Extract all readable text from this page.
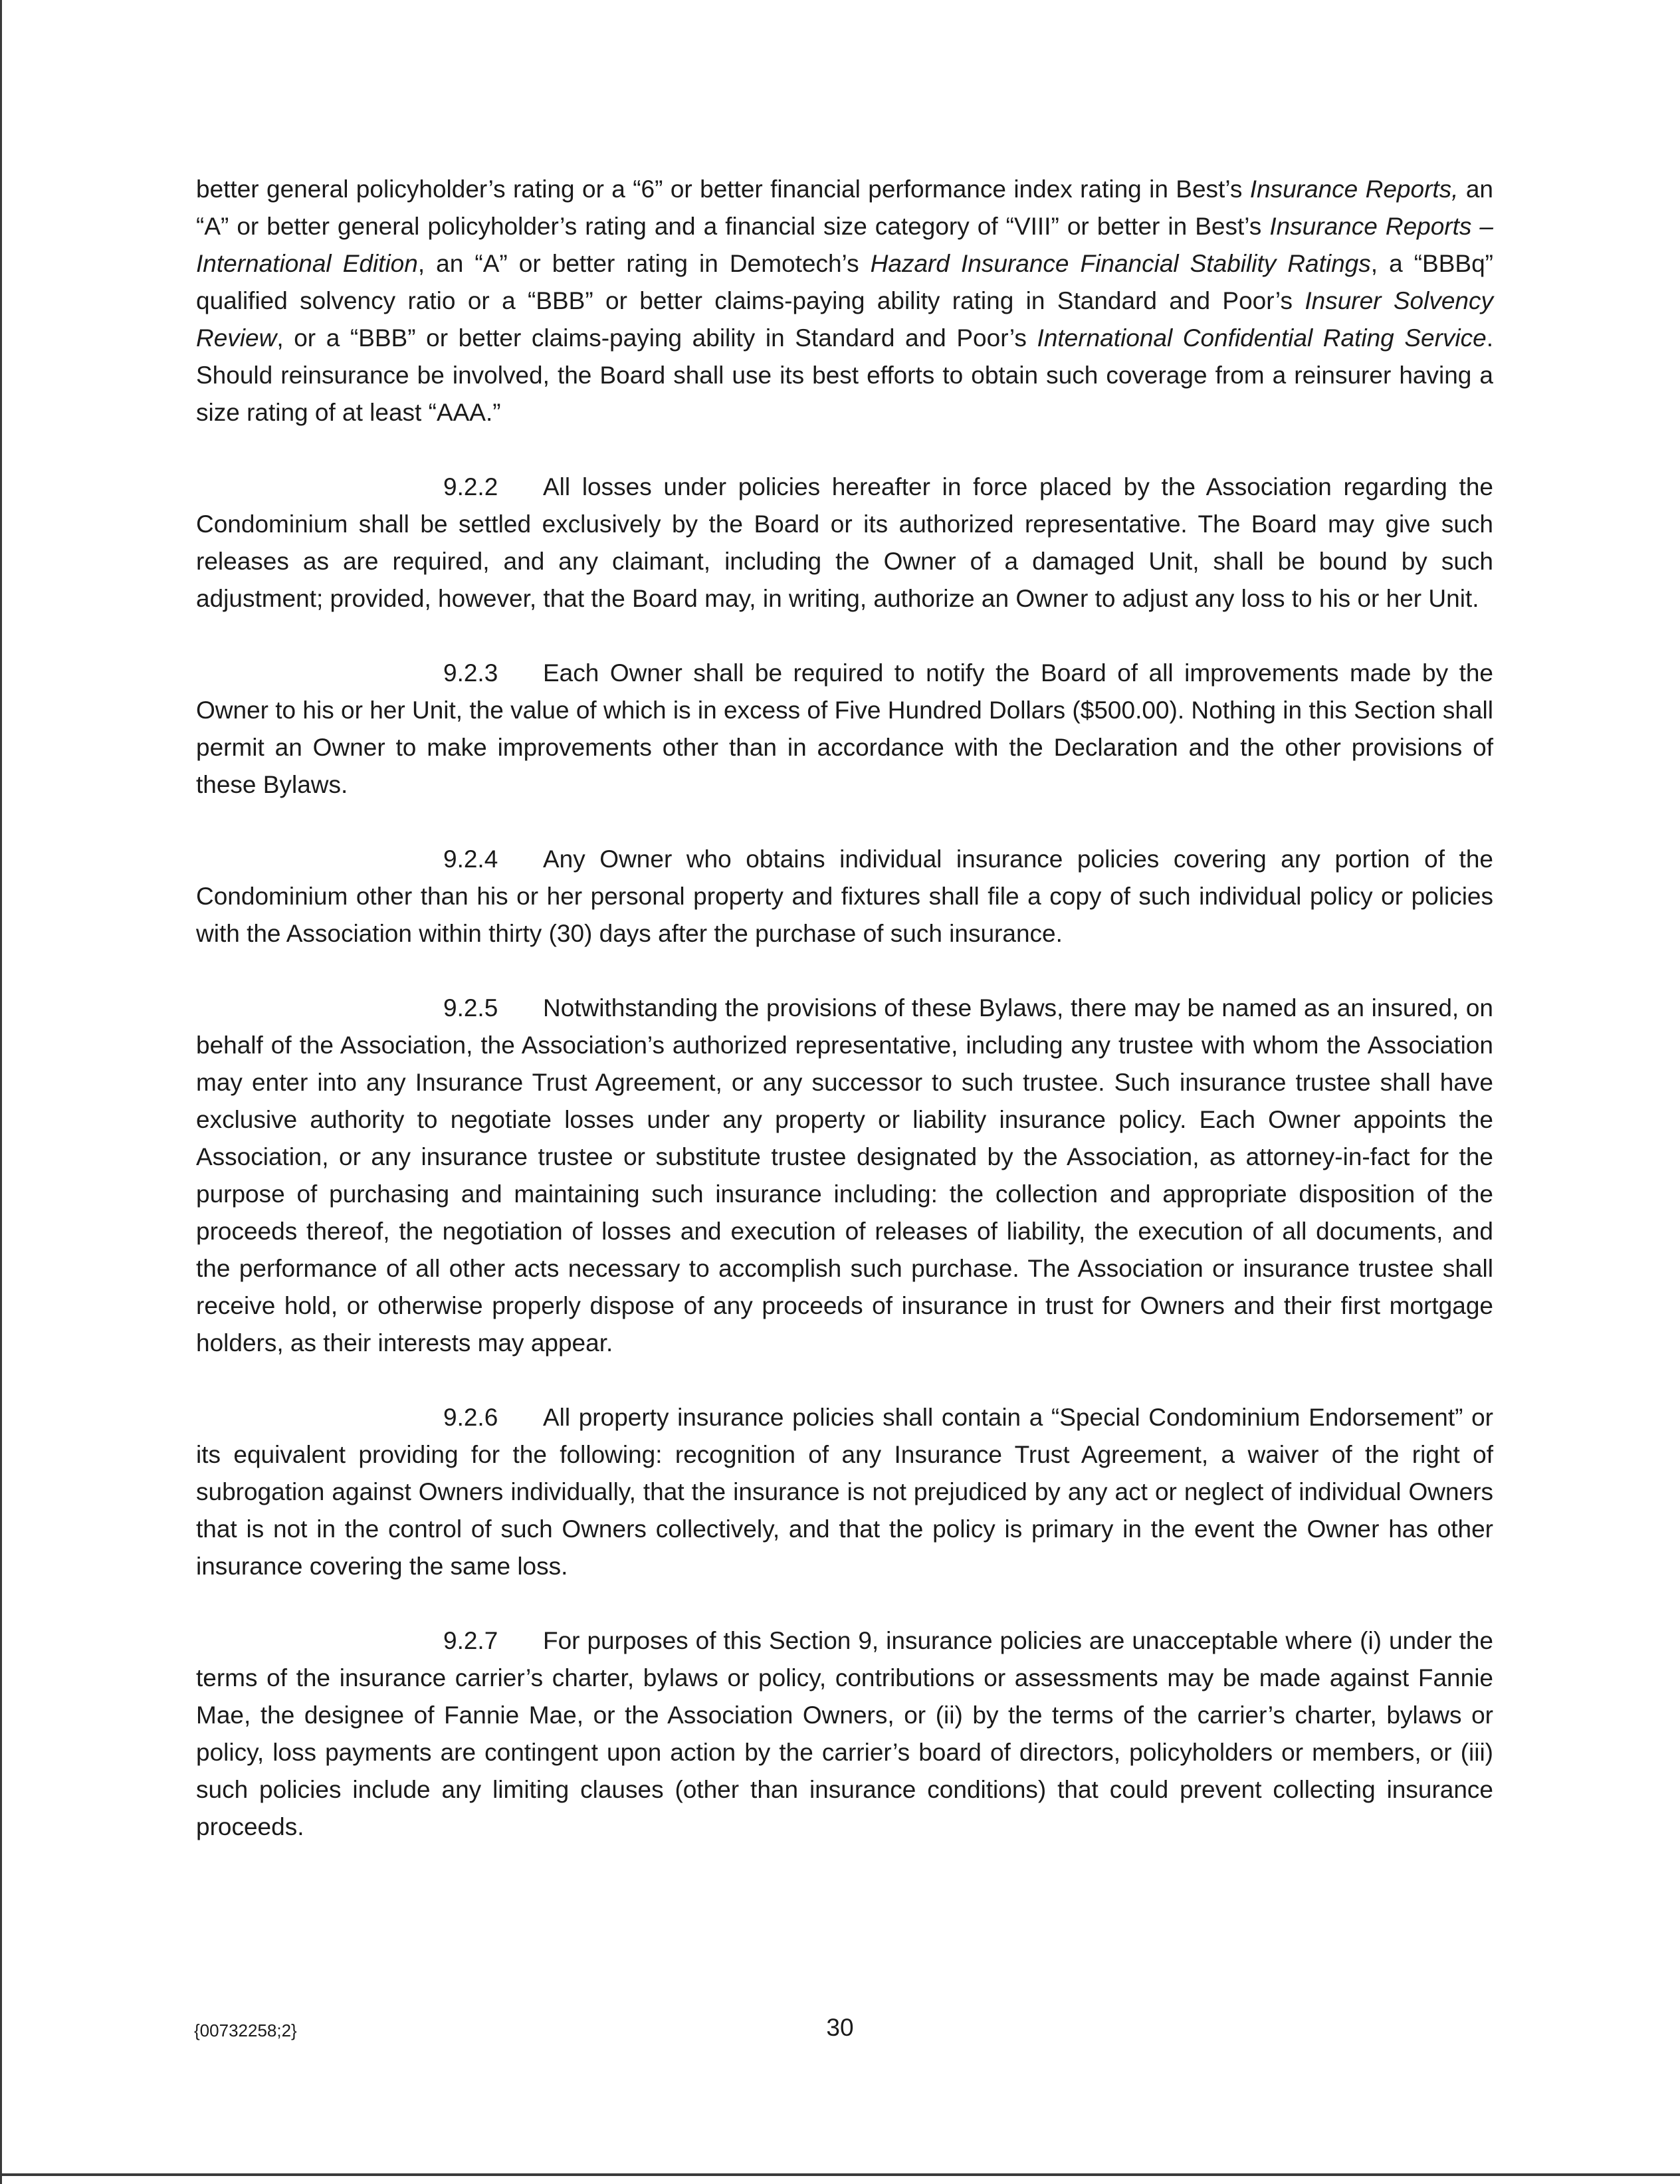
better general policyholder’s rating or a “6” or better financial performance index rating in Best’s Insurance Reports, an “A” or better general policyholder’s rating and a financial size category of “VIII” or better in Best’s Insurance Reports – International Edition, an “A” or better rating in Demotech’s Hazard Insurance Financial Stability Ratings, a “BBBq” qualified solvency ratio or a “BBB” or better claims-paying ability rating in Standard and Poor’s Insurer Solvency Review, or a “BBB” or better claims-paying ability in Standard and Poor’s International Confidential Rating Service. Should reinsurance be involved, the Board shall use its best efforts to obtain such coverage from a reinsurer having a size rating of at least “AAA.”

9.2.2 All losses under policies hereafter in force placed by the Association regarding the Condominium shall be settled exclusively by the Board or its authorized representative. The Board may give such releases as are required, and any claimant, including the Owner of a damaged Unit, shall be bound by such adjustment; provided, however, that the Board may, in writing, authorize an Owner to adjust any loss to his or her Unit.

9.2.3 Each Owner shall be required to notify the Board of all improvements made by the Owner to his or her Unit, the value of which is in excess of Five Hundred Dollars ($500.00). Nothing in this Section shall permit an Owner to make improvements other than in accordance with the Declaration and the other provisions of these Bylaws.

9.2.4 Any Owner who obtains individual insurance policies covering any portion of the Condominium other than his or her personal property and fixtures shall file a copy of such individual policy or policies with the Association within thirty (30) days after the purchase of such insurance.

9.2.5 Notwithstanding the provisions of these Bylaws, there may be named as an insured, on behalf of the Association, the Association’s authorized representative, including any trustee with whom the Association may enter into any Insurance Trust Agreement, or any successor to such trustee. Such insurance trustee shall have exclusive authority to negotiate losses under any property or liability insurance policy. Each Owner appoints the Association, or any insurance trustee or substitute trustee designated by the Association, as attorney-in-fact for the purpose of purchasing and maintaining such insurance including: the collection and appropriate disposition of the proceeds thereof, the negotiation of losses and execution of releases of liability, the execution of all documents, and the performance of all other acts necessary to accomplish such purchase. The Association or insurance trustee shall receive hold, or otherwise properly dispose of any proceeds of insurance in trust for Owners and their first mortgage holders, as their interests may appear.

9.2.6 All property insurance policies shall contain a “Special Condominium Endorsement” or its equivalent providing for the following: recognition of any Insurance Trust Agreement, a waiver of the right of subrogation against Owners individually, that the insurance is not prejudiced by any act or neglect of individual Owners that is not in the control of such Owners collectively, and that the policy is primary in the event the Owner has other insurance covering the same loss.

9.2.7 For purposes of this Section 9, insurance policies are unacceptable where (i) under the terms of the insurance carrier’s charter, bylaws or policy, contributions or assessments may be made against Fannie Mae, the designee of Fannie Mae, or the Association Owners, or (ii) by the terms of the carrier’s charter, bylaws or policy, loss payments are contingent upon action by the carrier’s board of directors, policyholders or members, or (iii) such policies include any limiting clauses (other than insurance conditions) that could prevent collecting insurance proceeds.

{00732258;2}	30
